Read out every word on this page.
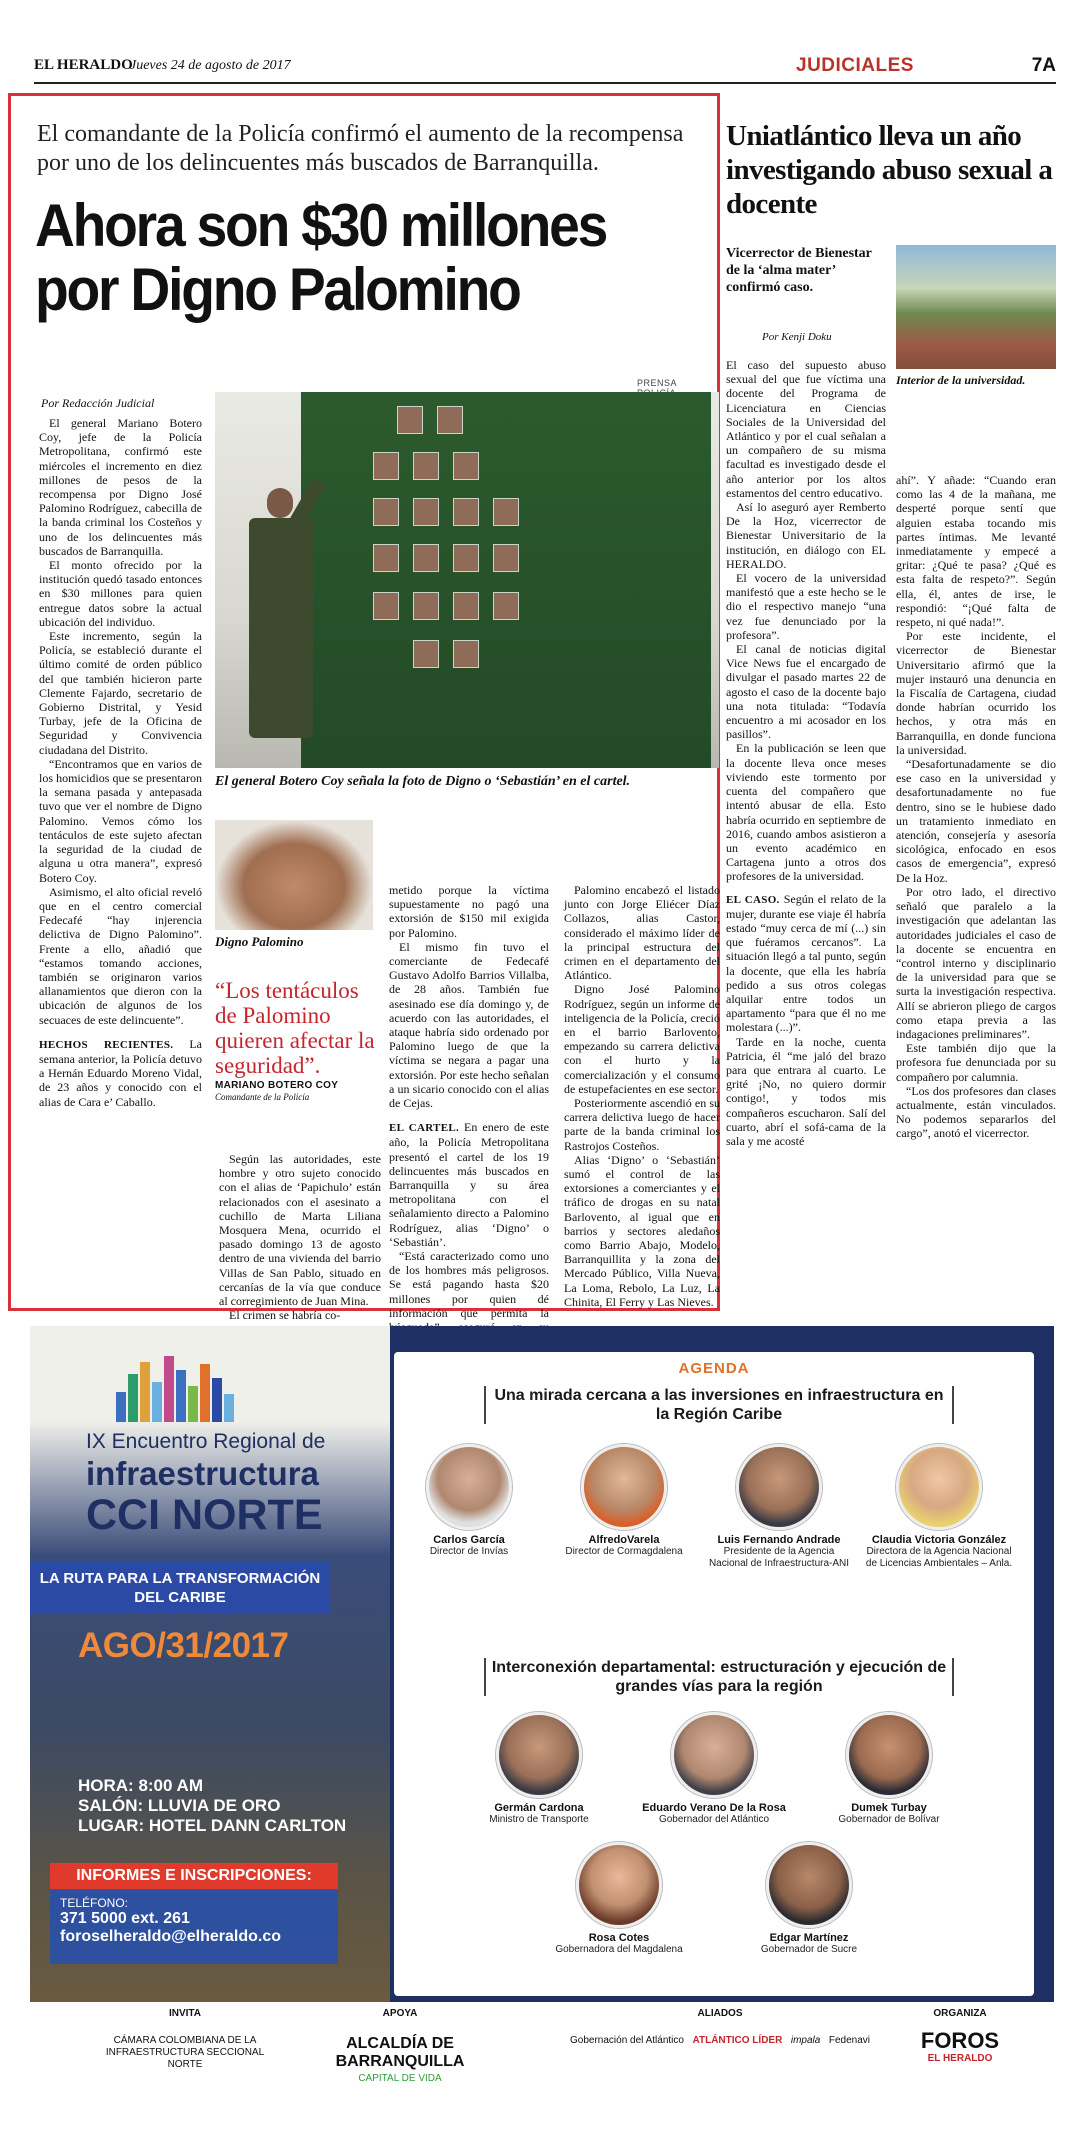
EL HERALDO
Jueves 24 de agosto de 2017	JUDICIALES	7A
El comandante de la Policía confirmó el aumento de la recompensa por uno de los delincuentes más buscados de Barranquilla.
Ahora son $30 millones por Digno Palomino
Por Redacción Judicial
PRENSA
El general Botero Coy señala la foto de Digno o ‘Sebastián’ en el cartel.
Digno Palomino
“Los tentáculos de Palomino quieren afectar la seguridad”.
MARIANO BOTERO COY
Comandante de la Policía

El general Mariano Botero Coy, jefe de la Policía Metropolitana, confirmó este miércoles el incremento en diez millones de pesos de la recompensa por Digno José Palomino Rodríguez, cabecilla de la banda criminal los Costeños y uno de los delincuentes más buscados de Barranquilla.

El monto ofrecido por la institución quedó tasado entonces en $30 millones para quien entregue datos sobre la actual ubicación del individuo.

Este incremento, según la Policía, se estableció durante el último comité de orden público del que también hicieron parte Clemente Fajardo, secretario de Gobierno Distrital, y Yesid Turbay, jefe de la Oficina de Seguridad y Convivencia ciudadana del Distrito.

“Encontramos que en varios de los homicidios que se presentaron la semana pasada y antepasada tuvo que ver el nombre de Digno Palomino. Vemos cómo los tentáculos de este sujeto afectan la seguridad de la ciudad de alguna u otra manera”, expresó Botero Coy.

Asimismo, el alto oficial reveló que en el centro comercial Fedecafé “hay injerencia delictiva de Digno Palomino”. Frente a ello, añadió que “estamos tomando acciones, también se originaron varios allanamientos que dieron con la ubicación de algunos de los secuaces de este delincuente”.

HECHOS RECIENTES. La semana anterior, la Policía detuvo a Hernán Eduardo Moreno Vidal, de 23 años y conocido con el alias de Cara e’ Caballo.

Según las autoridades, este hombre y otro sujeto conocido con el alias de ‘Papichulo’ están relacionados con el asesinato a cuchillo de Marta Liliana Mosquera Mena, ocurrido el pasado domingo 13 de agosto dentro de una vivienda del barrio Villas de San Pablo, situado en cercanías de la vía que conduce al corregimiento de Juan Mina.

El crimen se habría co-

metido porque la víctima supuestamente no pagó una extorsión de $150 mil exigida por Palomino.

El mismo fin tuvo el comerciante de Fedecafé Gustavo Adolfo Barrios Villalba, de 28 años. También fue asesinado ese día domingo y, de acuerdo con las autoridades, el ataque habría sido ordenado por Palomino luego de que la víctima se negara a pagar una extorsión. Por este hecho señalan a un sicario conocido con el alias de Cejas.

EL CARTEL. En enero de este año, la Policía Metropolitana presentó el cartel de los 19 delincuentes más buscados en Barranquilla y su área metropolitana con el señalamiento directo a Palomino Rodríguez, alias ‘Digno’ o ‘Sebastián’.

“Está caracterizado como uno de los hombres más peligrosos. Se está pagando hasta $20 millones por quien dé información que permita la

Palomino encabezó el listado junto con Jorge Eliécer Díaz Collazos, alias Castor, considerado el máximo líder de la principal estructura del crimen en el departamento del Atlántico.

Digno José Palomino Rodríguez, según un informe de inteligencia de la Policía, creció en el barrio Barlovento, empezando su carrera delictiva con el hurto y la comercialización y el consumo de estupefacientes en ese sector.

Posteriormente ascendió en su carrera delictiva luego de hacer parte de la banda criminal los Rastrojos Costeños.

Alias ‘Digno’ o ‘Sebastián’ sumó el control de las extorsiones a comerciantes y el tráfico de drogas en su natal Barlovento, al igual que en barrios y sectores aledaños como Barrio Abajo, Modelo, Barranquillita y la zona del Mercado Público, Villa Nueva, La Loma, Rebolo, La Luz, La Chinita, El Ferry y Las Nieves.

Uniatlántico lleva un año investigando abuso sexual a docente
Vicerrector de Bienestar de la ‘alma mater’ confirmó caso.
Por Kenji Doku
Interior de la universidad.

El caso del supuesto abuso sexual del que fue víctima una docente del Programa de Licenciatura en Ciencias Sociales de la Universidad del Atlántico y por el cual señalan a un compañero de su misma facultad es investigado desde el año anterior por los altos estamentos del centro educativo.

Así lo aseguró ayer Remberto De la Hoz, vicerrector de Bienestar Universitario de la institución, en diálogo con EL HERALDO.

El vocero de la universidad manifestó que a este hecho se le dio el respectivo manejo “una vez fue denunciado por la profesora”.

El canal de noticias digital Vice News fue el encargado de divulgar el pasado martes 22 de agosto el caso de la docente bajo una nota titulada: “Todavía encuentro a mi acosador en los pasillos”.

En la publicación se leen que la docente lleva once meses viviendo este tormento por cuenta del compañero que intentó abusar de ella. Esto habría ocurrido en septiembre de 2016, cuando ambos asistieron a un evento académico en Cartagena junto a otros dos profesores de la universidad.

EL CASO. Según el relato de la mujer, durante ese viaje él habría estado “muy cerca de mí (...) sin que fuéramos cercanos”. La situación llegó a tal punto, según la docente, que ella les habría pedido a sus otros colegas alquilar entre todos un apartamento “para que él no me molestara (...)”.

Tarde en la noche, cuenta Patricia, él “me jaló del brazo para que entrara al cuarto. Le grité ¡No, no quiero dormir contigo!, y todos mis compañeros escucharon. Salí del cuarto, abrí el sofá-cama de la sala y me acosté

ahí”. Y añade: “Cuando eran como las 4 de la mañana, me desperté porque sentí que alguien estaba tocando mis partes íntimas. Me levanté inmediatamente y empecé a gritar: ¿Qué te pasa? ¿Qué es esta falta de respeto?”. Según ella, él, antes de irse, le respondió: “¡Qué falta de respeto, ni qué nada!”.

Por este incidente, el vicerrector de Bienestar Universitario afirmó que la mujer instauró una denuncia en la Fiscalía de Cartagena, ciudad donde habrían ocurrido los hechos, y otra más en Barranquilla, en donde funciona la universidad.

“Desafortunadamente se dio ese caso en la universidad y desafortunadamente no fue dentro, sino se le hubiese dado un tratamiento inmediato en atención, consejería y asesoría sicológica, enfocado en esos casos de emergencia”, expresó De la Hoz.

Por otro lado, el directivo señaló que paralelo a la investigación que adelantan las autoridades judiciales el caso de la docente se encuentra en “control interno y disciplinario de la universidad para que se surta la investigación respectiva. Allí se abrieron pliego de cargos como etapa previa a las indagaciones preliminares”.

Este también dijo que la profesora fue denunciada por su compañero por calumnia.

“Los dos profesores dan clases actualmente, están vinculados. No podemos separarlos del cargo”, anotó el vicerrector.

IX Encuentro Regional de
infraestructura
CCI NORTE
LA RUTA PARA LA TRANSFORMACIÓN DEL CARIBE
AGO/31/2017
HORA: 8:00 AM
SALÓN: LLUVIA DE ORO
LUGAR: HOTEL DANN CARLTON
INFORMES E INSCRIPCIONES:
TELÉFONO:
371 5000 ext. 261
foroselheraldo@elheraldo.co
AGENDA
Una mirada cercana a las inversiones en infraestructura en la Región Caribe
Carlos García
Director de Invías
AlfredoVarela
Director de Cormagdalena
Luis Fernando Andrade
Presidente de la Agencia Nacional de Infraestructura-ANI
Claudia Victoria González
Directora de la Agencia Nacional de Licencias Ambientales – Anla.
Interconexión departamental: estructuración y ejecución de grandes vías para la región
Germán Cardona
Ministro de Transporte
Eduardo Verano De la Rosa
Gobernador del Atlántico
Dumek Turbay
Gobernador de Bolívar
Rosa Cotes
Gobernadora del Magdalena
Edgar Martínez
Gobernador de Sucre
RESERVA YA TU STAND, PARTICIPA COMERCIALMENTE
INVITA
CÁMARA COLOMBIANA DE LA INFRAESTRUCTURA SECCIONAL NORTE
APOYA
ALCALDÍA DE BARRANQUILLA
CAPITAL DE VIDA
ALIADOS
Gobernación del Atlántico ATLÁNTICO LÍDER impala Fedenavi
ORGANIZA
FOROS
EL HERALDO
